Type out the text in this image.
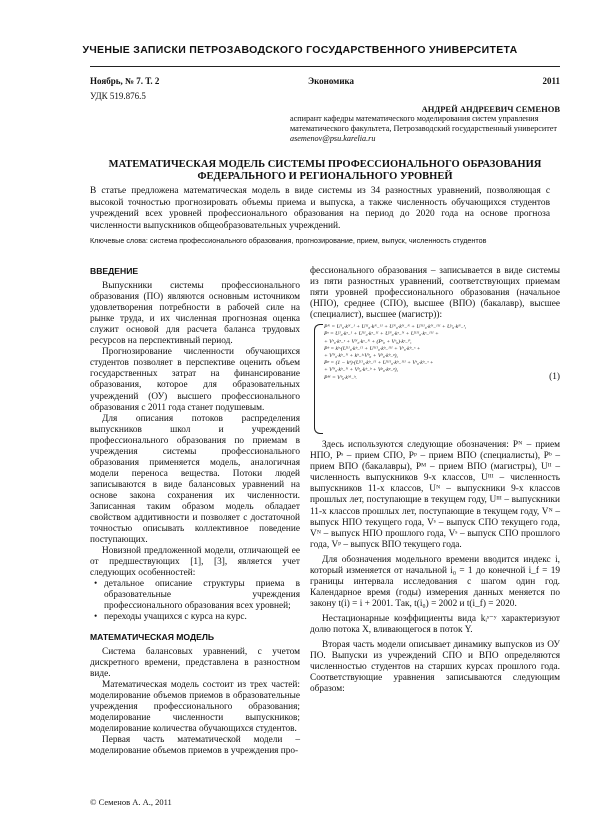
УЧЕНЫЕ ЗАПИСКИ ПЕТРОЗАВОДСКОГО ГОСУДАРСТВЕННОГО УНИВЕРСИТЕТА
Ноябрь, № 7. Т. 2	Экономика	2011
УДК 519.876.5
АНДРЕЙ АНДРЕЕВИЧ СЕМЕНОВ
аспирант кафедры математического моделирования систем управления математического факультета, Петрозаводский государственный университет
asemenov@psu.karelia.ru
МАТЕМАТИЧЕСКАЯ МОДЕЛЬ СИСТЕМЫ ПРОФЕССИОНАЛЬНОГО ОБРАЗОВАНИЯ
ФЕДЕРАЛЬНОГО И РЕГИОНАЛЬНОГО УРОВНЕЙ
В статье предложена математическая модель в виде системы из 34 разностных уравнений, позволяющая с высокой точностью прогнозировать объемы приема и выпуска, а также численность обучающихся студентов учреждений всех уровней профессионального образования на период до 2020 года на основе прогноза численности выпускников общеобразовательных учреждений.
Ключевые слова: система профессионального образования, прогнозирование, прием, выпуск, численность студентов
ВВЕДЕНИЕ

Выпускники системы профессионального образования (ПО) являются основным источником удовлетворения потребности в рабочей силе на рынке труда, и их численная прогнозная оценка служит основой для расчета баланса трудовых ресурсов на перспективный период.

Прогнозирование численности обучающихся студентов позволяет в перспективе оценить объем государственных затрат на финансирование образования, которое для образовательных учреждений (ОУ) высшего профессионального образования с 2011 года станет подушевым.

Для описания потоков распределения выпускников школ и учреждений профессионального образования по приемам в учреждения системы профессионального образования применяется модель, аналогичная модели переноса вещества. Потоки людей записываются в виде балансовых уравнений на основе закона сохранения их численности. Записанная таким образом модель обладает свойством аддитивности и позволяет с достаточной точностью описывать коллективное поведение поступающих.

Новизной предложенной модели, отличающей ее от предшествующих [1], [3], является учет следующих особенностей:

• детальное описание структуры приема в образовательные учреждения профессионального образования всех уровней;
• переходы учащихся с курса на курс.
МАТЕМАТИЧЕСКАЯ МОДЕЛЬ

Система балансовых уравнений, с учетом дискретного времени, представлена в разностном виде.

Математическая модель состоит из трех частей: моделирование объемов приемов в образовательные учреждения профессионального образования; моделирование численности выпускников; моделирование количества обучающихся студентов.

Первая часть математической модели – моделирование объемов приемов в учреждения про-

фессионального образования – записывается в виде системы из пяти разностных уравнений, соответствующих приемам пяти уровней профессионального образования (начальное (НПО), среднее (СПО), высшее (ВПО) (бакалавр), высшее (специалист), высшее (магистр)):

Pᴺ = Uᴵ₀·kᴺ₋ᴵ + Uᴵᴵ₀·kᴺ₋ᴵᴵ + Uᴺ₀·kᴺ₋ᴺ + Uᴵᴵᴵ₀·kᴺ₋ᴵᴵᴵ + Uˢ₀·kᴺ₋ˢ,
Pˢ = Uᴵ₀·kˢ₋ᴵ + Uᴵᴵ₀·kˢ₋ᴵᴵ + Uᴺ₀·kˢ₋ᴺ + Uᴵᴵᴵ₀·kˢ₋ᴵᴵᴵ +
+ Vˢ₀·kˢ₋ˢ + Vᴺ₀·kˢ₋ᴺ + (Pˢ₀ + Vˢ₀)·kˢ₋ᴾ,
Pᵇ = kᵇ·(Uᴵᴵ₀·kᵇ₋ᴵᴵ + Uᴵᴵᴵ₀·kᵇ₋ᴵᴵᴵ + Vˢ₀·kᵇ₋ˢ +
+ Vᴺ₀·kᵇ₋ᴺ + kᵇ₋ᵇ·Vᵇ₀ + Vᵇ₀·kᵇ₋ᵖ),
Pᵖ = (1 − kᵇ)·(Uᴵᴵ₀·kᵇ₋ᴵᴵ + Uᴵᴵᴵ₀·kᵇ₋ᴵᴵᴵ + Vˢ₀·kᵇ₋ˢ +
+ Vᴺ₀·kᵇ₋ᴺ + Vᵇ₀·kᵇ₋ᵇ + Vᵖ₀·kᵖ₋ᵖ),
Pᴹ = Vᵇ₀·kᴹ₋ᵇ.	(1)

Здесь используются следующие обозначения: Pᴺ – прием НПО, Pˢ – прием СПО, Pᵖ – прием ВПО (специалисты), Pᵇ – прием ВПО (бакалавры), Pᴹ – прием ВПО (магистры), Uᴵᴵ – численность выпускников 9-х классов, Uᴵᴵᴵ – численность выпускников 11-х классов, Uᴺ – выпускники 9-х классов прошлых лет, поступающие в текущем году, Uᴵᴵᴵ – выпускники 11-х классов прошлых лет, поступающие в текущем году, Vᴺ – выпуск НПО текущего года, Vˢ – выпуск СПО текущего года, Vᴺ – выпуск НПО прошлого года, Vˢ – выпуск СПО прошлого года, Vᵖ – выпуск ВПО текущего года.

Для обозначения модельного времени вводится индекс i, который изменяется от начальной i₀ = 1 до конечной i_f = 19 границы интервала исследования с шагом один год. Календарное время (годы) измерения данных меняется по закону t(i) = i + 2001. Так, t(i₀) = 2002 и t(i_f) = 2020.

Нестационарные коэффициенты вида kᵢˢ⁻ʸ характеризуют долю потока X, вливающегося в поток Y.

Вторая часть модели описывает динамику выпусков из ОУ ПО. Выпуски из учреждений СПО и ВПО определяются численностью студентов на старших курсах прошлого года. Соответствующие уравнения записываются следующим образом:

© Семенов А. А., 2011
